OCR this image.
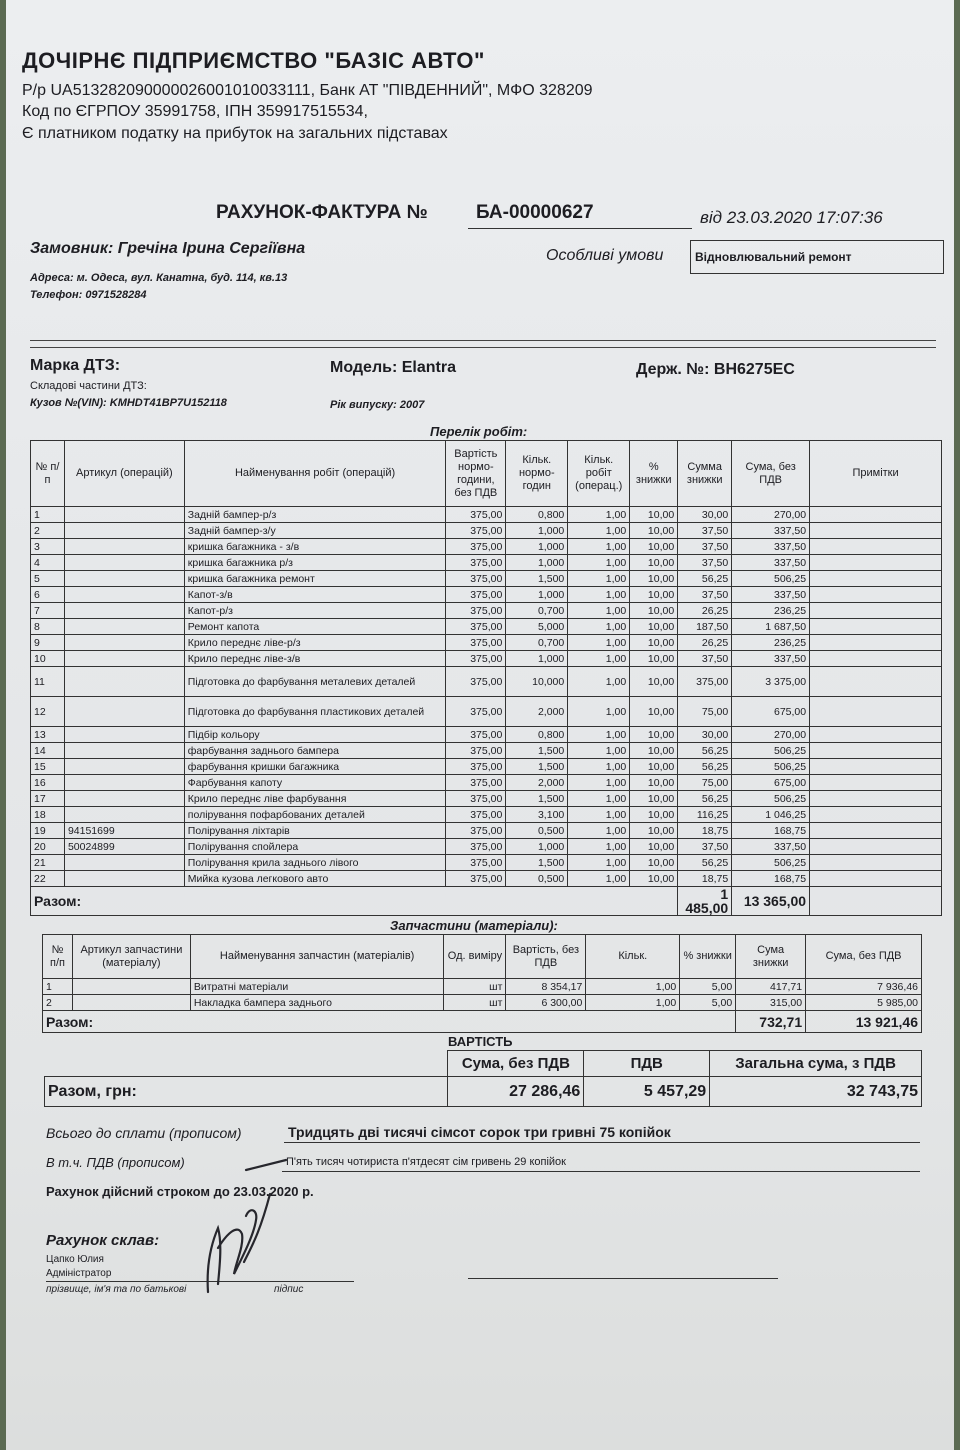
ДОЧІРНЄ ПІДПРИЄМСТВО "БАЗІС АВТО"
Р/р UA513282090000026001010033111, Банк АТ "ПІВДЕННИЙ", МФО 328209
Код по ЄГРПОУ 35991758, ІПН 359917515534,
Є платником податку на прибуток на загальних підставах
РАХУНОК-ФАКТУРА №	БА-00000627	від 23.03.2020 17:07:36
Замовник: Гречіна Ірина Сергіївна
Адреса: м. Одеса, вул. Канатна, буд. 114, кв.13
Телефон: 0971528284
Особливі умови	Відновлювальний ремонт
Марка ДТЗ:	Модель: Elantra	Держ. №: ВН6275ЕС
Складові частини ДТЗ:
Кузов №(VIN): KMHDT41BP7U152118	Рік випуску: 2007
Перелік робіт:
№ п/п	Артикул (операцій)	Найменування робіт (операцій)	Вартість нормо-години, без ПДВ	Кільк. нормо-годин	Кільк. робіт (операц.)	% знижки	Сумма знижки	Сума, без ПДВ	Примітки
1		Задній бампер-р/з	375,00	0,800	1,00	10,00	30,00	270,00	
2		Задній бампер-з/у	375,00	1,000	1,00	10,00	37,50	337,50	
3		кришка багажника - з/в	375,00	1,000	1,00	10,00	37,50	337,50	
4		кришка багажника р/з	375,00	1,000	1,00	10,00	37,50	337,50	
5		кришка багажника ремонт	375,00	1,500	1,00	10,00	56,25	506,25	
6		Капот-з/в	375,00	1,000	1,00	10,00	37,50	337,50	
7		Капот-р/з	375,00	0,700	1,00	10,00	26,25	236,25	
8		Ремонт капота	375,00	5,000	1,00	10,00	187,50	1 687,50	
9		Крило переднє ліве-р/з	375,00	0,700	1,00	10,00	26,25	236,25	
10		Крило переднє ліве-з/в	375,00	1,000	1,00	10,00	37,50	337,50	
11		Підготовка до фарбування металевих деталей	375,00	10,000	1,00	10,00	375,00	3 375,00	
12		Підготовка до фарбування пластикових деталей	375,00	2,000	1,00	10,00	75,00	675,00	
13		Підбір кольору	375,00	0,800	1,00	10,00	30,00	270,00	
14		фарбування заднього бампера	375,00	1,500	1,00	10,00	56,25	506,25	
15		фарбування кришки багажника	375,00	1,500	1,00	10,00	56,25	506,25	
16		Фарбування капоту	375,00	2,000	1,00	10,00	75,00	675,00	
17		Крило переднє ліве фарбування	375,00	1,500	1,00	10,00	56,25	506,25	
18		полірування пофарбованих деталей	375,00	3,100	1,00	10,00	116,25	1 046,25	
19	94151699	Полірування ліхтарів	375,00	0,500	1,00	10,00	18,75	168,75	
20	50024899	Полірування спойлера	375,00	1,000	1,00	10,00	37,50	337,50	
21		Полірування крила заднього лівого	375,00	1,500	1,00	10,00	56,25	506,25	
22		Мийка кузова легкового авто	375,00	0,500	1,00	10,00	18,75	168,75	
Разом:							1 485,00	13 365,00	
Запчастини (матеріали):
№ п/п	Артикул запчастини (матеріалу)	Найменування запчастин (матеріалів)	Од. виміру	Вартість, без ПДВ	Кільк.	% знижки	Сума знижки	Сума, без ПДВ
1		Витратні матеріали	шт	8 354,17	1,00	5,00	417,71	7 936,46
2		Накладка бампера заднього	шт	6 300,00	1,00	5,00	315,00	5 985,00
Разом:							732,71	13 921,46
ВАРТІСТЬ
	Сума, без ПДВ	ПДВ	Загальна сума, з ПДВ
Разом, грн:	27 286,46	5 457,29	32 743,75
Всього до сплати (прописом)	Тридцять дві тисячі сімсот сорок три гривні 75 копійок
В т.ч. ПДВ (прописом)	П'ять тисяч чотириста п'ятдесят сім гривень 29 копійок
Рахунок дійсний строком до 23.03.2020 р.
Рахунок склав:
Цапко Юлия
Адміністратор
прізвище, ім'я та по батькові	підпис
